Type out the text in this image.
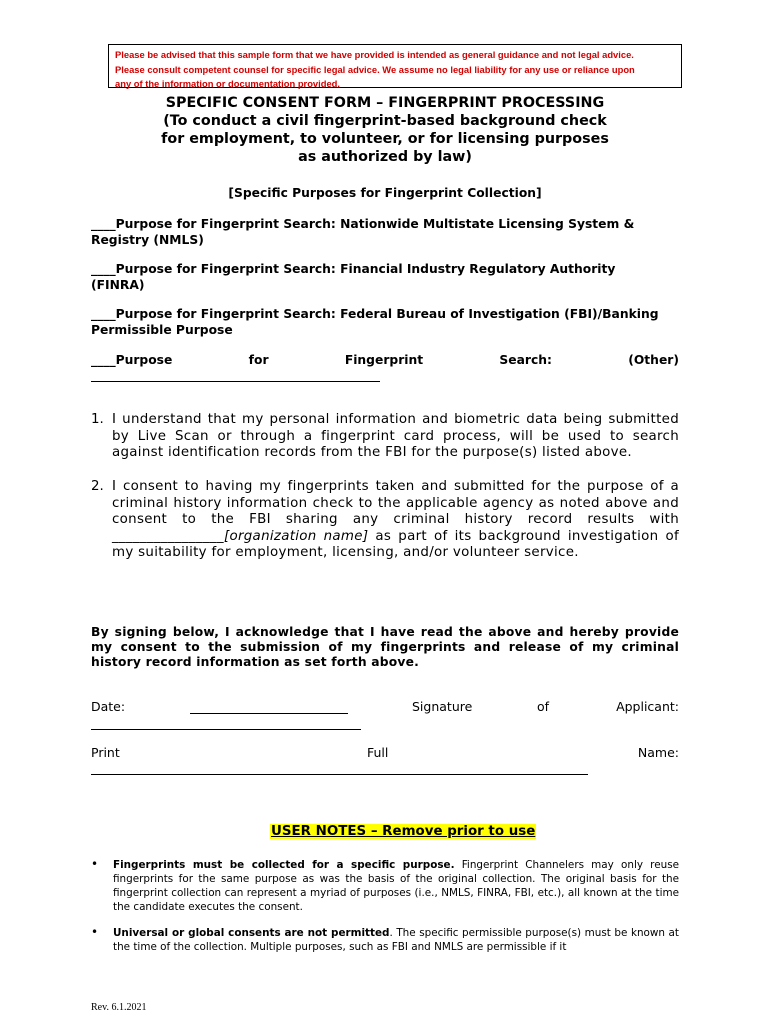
Please be advised that this sample form that we have provided is intended as general guidance and not legal advice.
Please consult competent counsel for specific legal advice. We assume no legal liability for any use or reliance upon
any of the information or documentation provided.
SPECIFIC CONSENT FORM – FINGERPRINT PROCESSING
(To conduct a civil fingerprint-based background check
for employment, to volunteer, or for licensing purposes
as authorized by law)
[Specific Purposes for Fingerprint Collection]
____Purpose for Fingerprint Search: Nationwide Multistate Licensing System &
Registry (NMLS)
____Purpose for Fingerprint Search: Financial Industry Regulatory Authority
(FINRA)
____Purpose for Fingerprint Search: Federal Bureau of Investigation (FBI)/Banking
Permissible Purpose
____Purpose	for	Fingerprint	Search:	(Other)
1. I understand that my personal information and biometric data being submitted by Live Scan or through a fingerprint card process, will be used to search against identification records from the FBI for the purpose(s) listed above.
2. I consent to having my fingerprints taken and submitted for the purpose of a criminal history information check to the applicable agency as noted above and consent to the FBI sharing any criminal history record results with ________________[organization name] as part of its background investigation of my suitability for employment, licensing, and/or volunteer service.
By signing below, I acknowledge that I have read the above and hereby provide my consent to the submission of my fingerprints and release of my criminal history record information as set forth above.
Date:	Signature	of	Applicant:
Print	Full	Name:
USER NOTES – Remove prior to use
• Fingerprints must be collected for a specific purpose. Fingerprint Channelers may only reuse fingerprints for the same purpose as was the basis of the original collection. The original basis for the fingerprint collection can represent a myriad of purposes (i.e., NMLS, FINRA, FBI, etc.), all known at the time the candidate executes the consent.
• Universal or global consents are not permitted. The specific permissible purpose(s) must be known at the time of the collection. Multiple purposes, such as FBI and NMLS are permissible if it
Rev. 6.1.2021
